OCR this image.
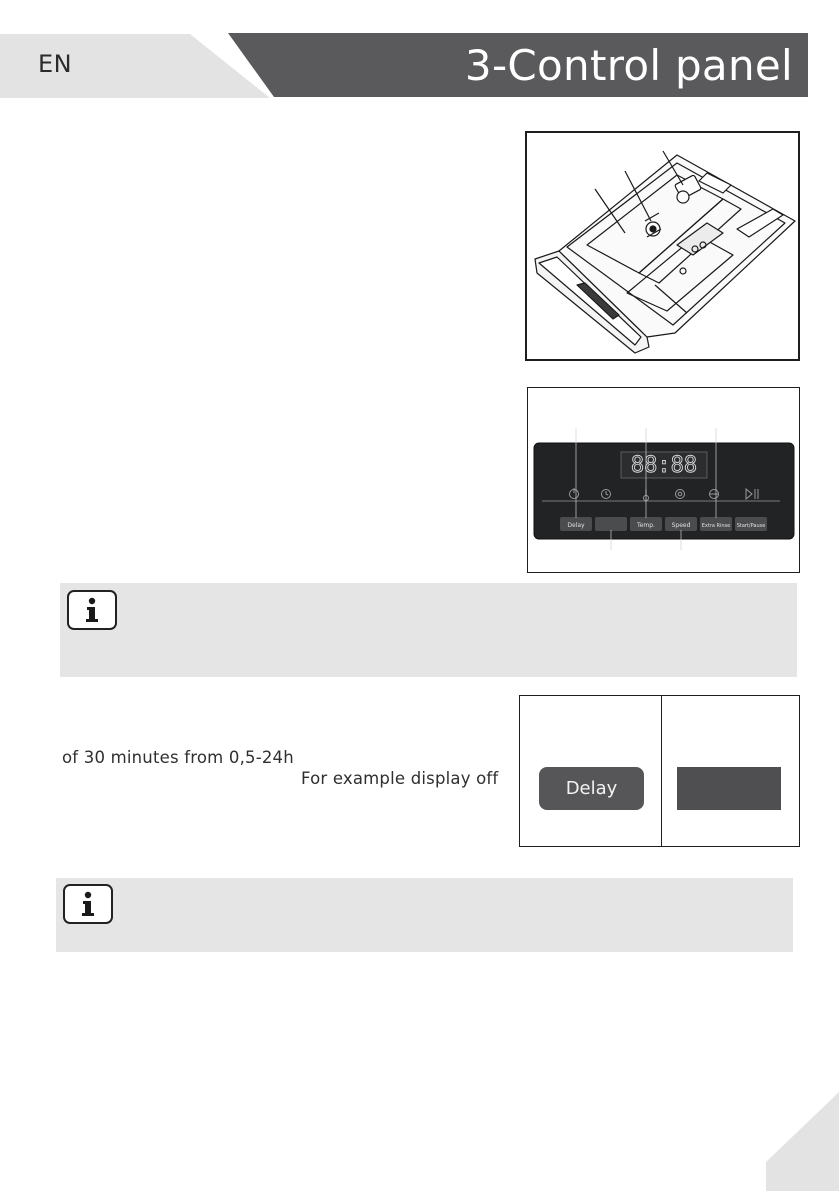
EN	3-Control panel
88:88
Delay	Temp.	Speed Extra Rinse Start/Pause
of 30 minutes from 0,5-24h
For example display off	Delay
